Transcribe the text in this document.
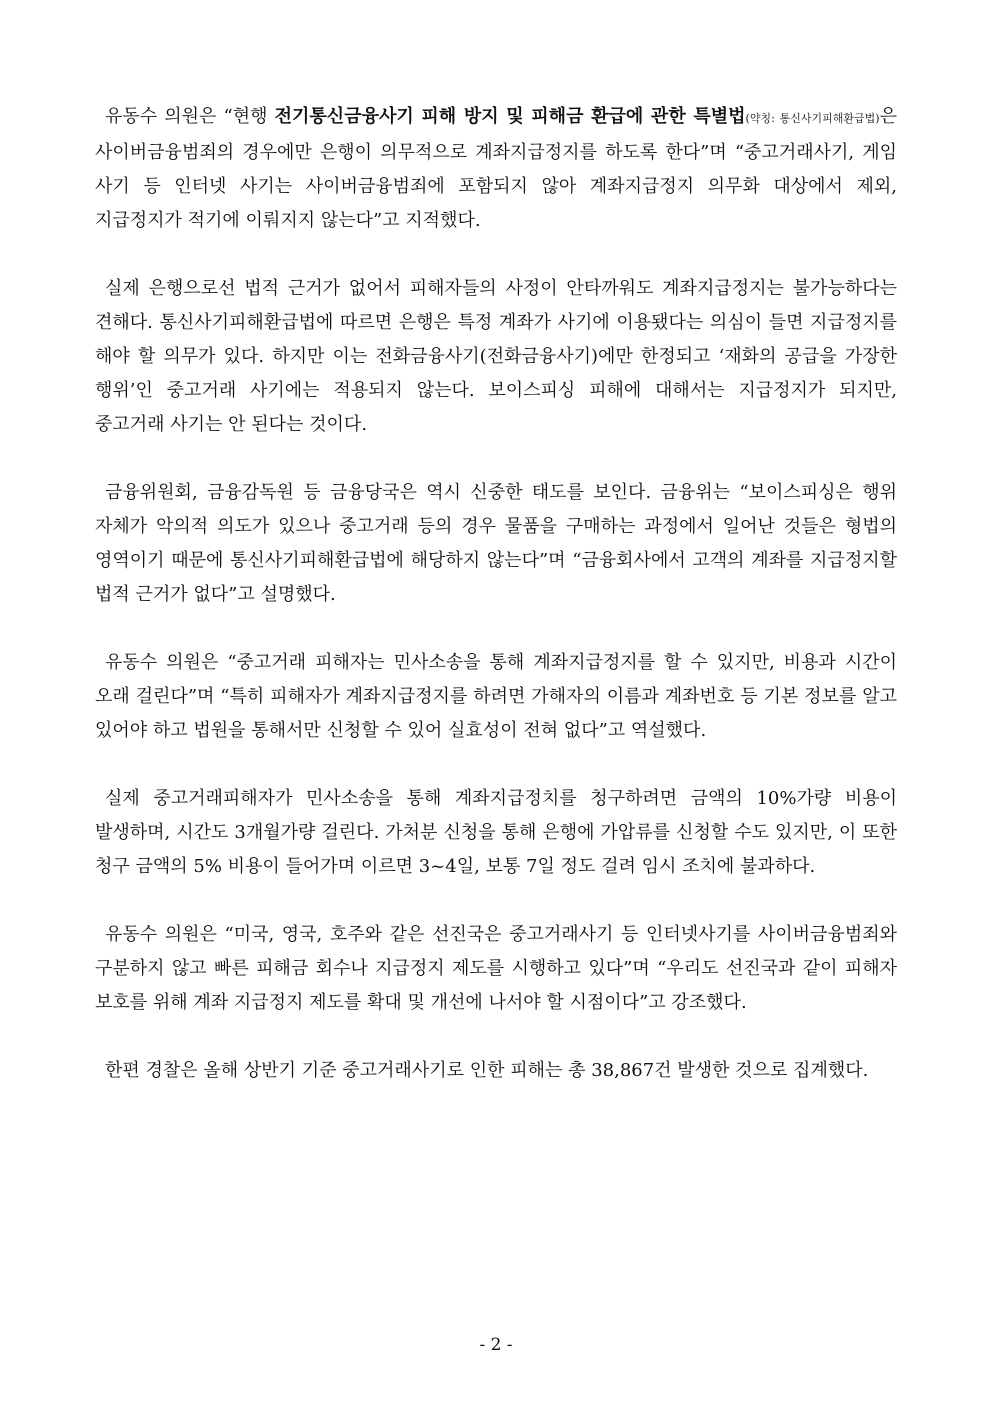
유동수 의원은 “현행 전기통신금융사기 피해 방지 및 피해금 환급에 관한 특별법(약칭: 통신사기피해환급법)은 사이버금융범죄의 경우에만 은행이 의무적으로 계좌지급정지를 하도록 한다”며 “중고거래사기, 게임 사기 등 인터넷 사기는 사이버금융범죄에 포함되지 않아 계좌지급정지 의무화 대상에서 제외, 지급정지가 적기에 이뤄지지 않는다”고 지적했다.

실제 은행으로선 법적 근거가 없어서 피해자들의 사정이 안타까워도 계좌지급정지는 불가능하다는 견해다. 통신사기피해환급법에 따르면 은행은 특정 계좌가 사기에 이용됐다는 의심이 들면 지급정지를 해야 할 의무가 있다. 하지만 이는 전화금융사기(전화금융사기)에만 한정되고 ‘재화의 공급을 가장한 행위’인 중고거래 사기에는 적용되지 않는다. 보이스피싱 피해에 대해서는 지급정지가 되지만, 중고거래 사기는 안 된다는 것이다.

금융위원회, 금융감독원 등 금융당국은 역시 신중한 태도를 보인다. 금융위는 “보이스피싱은 행위 자체가 악의적 의도가 있으나 중고거래 등의 경우 물품을 구매하는 과정에서 일어난 것들은 형법의 영역이기 때문에 통신사기피해환급법에 해당하지 않는다”며 “금융회사에서 고객의 계좌를 지급정지할 법적 근거가 없다”고 설명했다.

유동수 의원은 “중고거래 피해자는 민사소송을 통해 계좌지급정지를 할 수 있지만, 비용과 시간이 오래 걸린다”며 “특히 피해자가 계좌지급정지를 하려면 가해자의 이름과 계좌번호 등 기본 정보를 알고 있어야 하고 법원을 통해서만 신청할 수 있어 실효성이 전혀 없다”고 역설했다.

실제 중고거래피해자가 민사소송을 통해 계좌지급정치를 청구하려면 금액의 10%가량 비용이 발생하며, 시간도 3개월가량 걸린다. 가처분 신청을 통해 은행에 가압류를 신청할 수도 있지만, 이 또한 청구 금액의 5% 비용이 들어가며 이르면 3~4일, 보통 7일 정도 걸려 임시 조치에 불과하다.

유동수 의원은 “미국, 영국, 호주와 같은 선진국은 중고거래사기 등 인터넷사기를 사이버금융범죄와 구분하지 않고 빠른 피해금 회수나 지급정지 제도를 시행하고 있다”며 “우리도 선진국과 같이 피해자 보호를 위해 계좌 지급정지 제도를 확대 및 개선에 나서야 할 시점이다”고 강조했다.

한편 경찰은 올해 상반기 기준 중고거래사기로 인한 피해는 총 38,867건 발생한 것으로 집계했다.

- 2 -
